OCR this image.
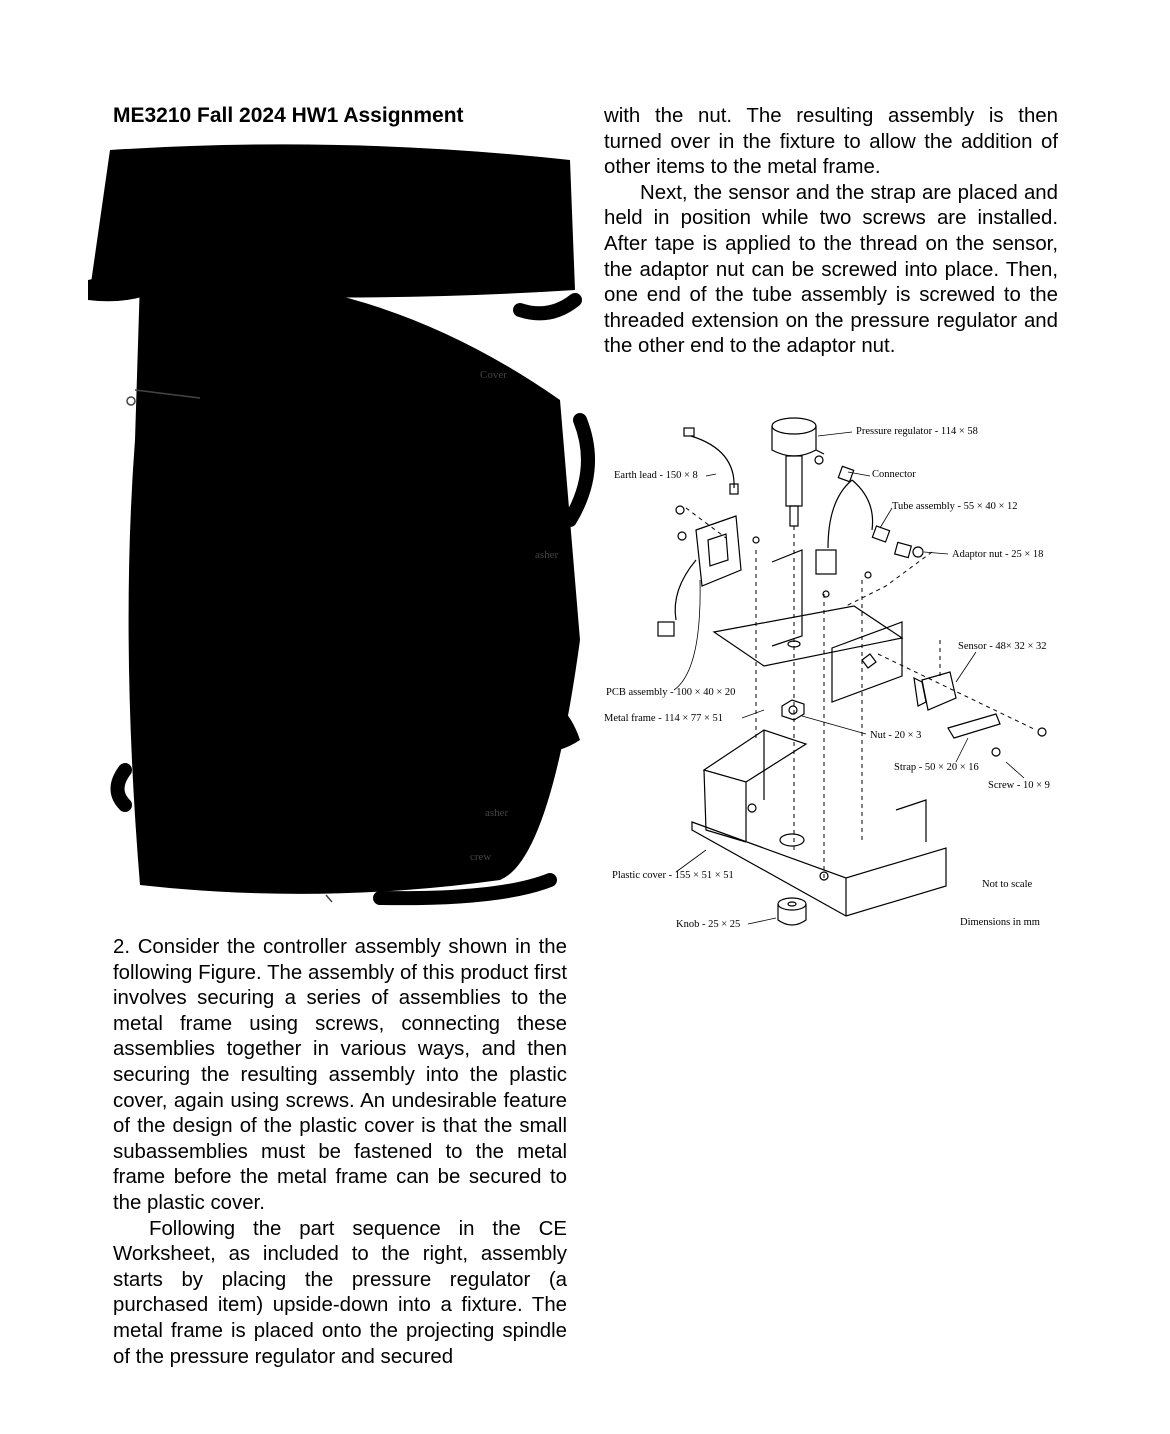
ME3210 Fall 2024 HW1 Assignment
Cover
asher
asher
crew

2. Consider the controller assembly shown in the following Figure. The assembly of this product first involves securing a series of assemblies to the metal frame using screws, connecting these assemblies together in various ways, and then securing the resulting assembly into the plastic cover, again using screws. An undesirable feature of the design of the plastic cover is that the small subassemblies must be fastened to the metal frame before the metal frame can be secured to the plastic cover.

Following the part sequence in the CE Worksheet, as included to the right, assembly starts by placing the pressure regulator (a purchased item) upside-down into a fixture. The metal frame is placed onto the projecting spindle of the pressure regulator and secured

with the nut. The resulting assembly is then turned over in the fixture to allow the addition of other items to the metal frame.

Next, the sensor and the strap are placed and held in position while two screws are installed. After tape is applied to the thread on the sensor, the adaptor nut can be screwed into place. Then, one end of the tube assembly is screwed to the threaded extension on the pressure regulator and the other end to the adaptor nut.

Pressure regulator - 114 × 58
Connector
Earth lead - 150 × 8
Tube assembly - 55 × 40 × 12
Adaptor nut - 25 × 18
Sensor - 48× 32 × 32
PCB assembly - 100 × 40 × 20
Metal frame - 114 × 77 × 51
Nut - 20 × 3
Strap - 50 × 20 × 16
Screw - 10 × 9
Plastic cover - 155 × 51 × 51
Not to scale
Knob - 25 × 25	Dimensions in mm
